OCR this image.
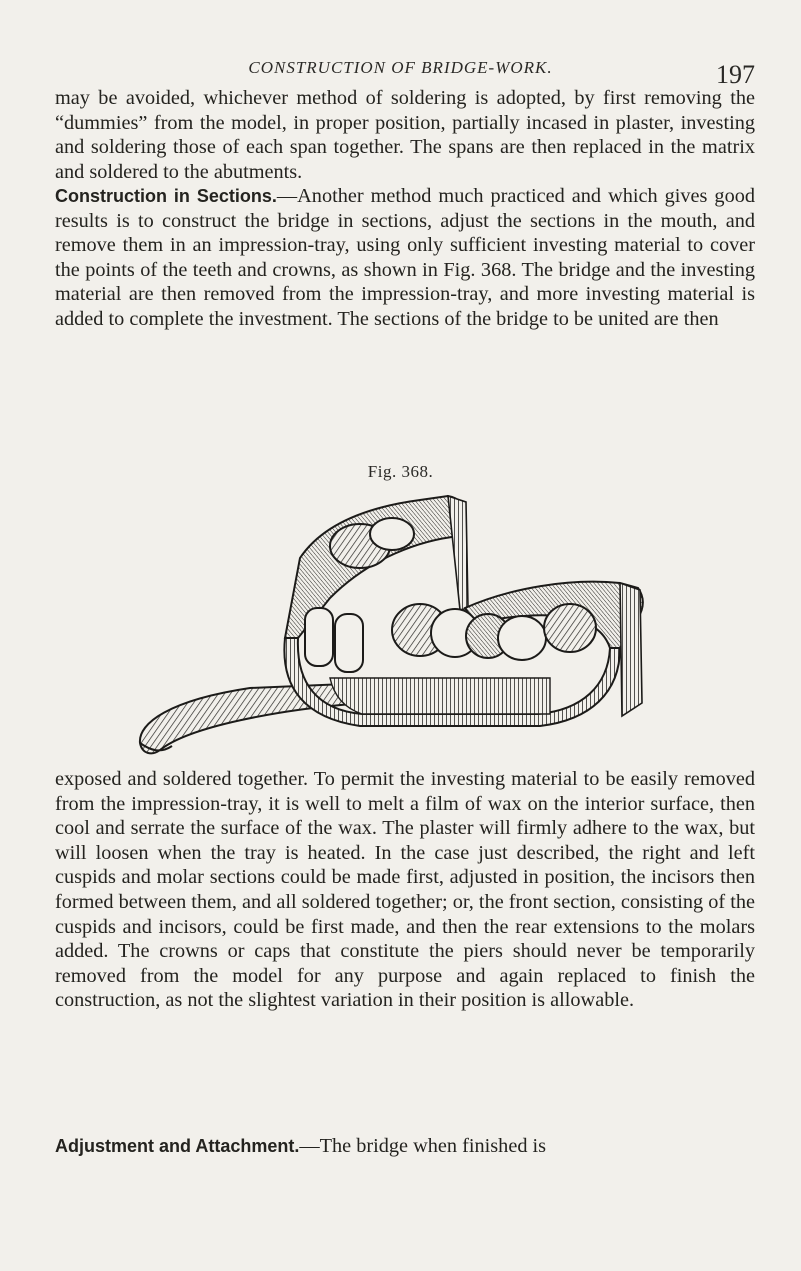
CONSTRUCTION OF BRIDGE-WORK.	197
may be avoided, whichever method of soldering is adopted, by first removing the “dummies” from the model, in proper position, partially incased in plaster, investing and soldering those of each span together. The spans are then replaced in the matrix and soldered to the abutments.
Construction in Sections.—Another method much practiced and which gives good results is to construct the bridge in sections, adjust the sections in the mouth, and remove them in an impression-tray, using only sufficient investing material to cover the points of the teeth and crowns, as shown in Fig. 368. The bridge and the investing material are then removed from the impression-tray, and more investing material is added to complete the investment. The sections of the bridge to be united are then
Fig. 368.
exposed and soldered together. To permit the investing material to be easily removed from the impression-tray, it is well to melt a film of wax on the interior surface, then cool and serrate the surface of the wax. The plaster will firmly adhere to the wax, but will loosen when the tray is heated. In the case just described, the right and left cuspids and molar sections could be made first, adjusted in position, the incisors then formed between them, and all soldered together; or, the front section, consisting of the cuspids and incisors, could be first made, and then the rear extensions to the molars added. The crowns or caps that constitute the piers should never be temporarily removed from the model for any purpose and again replaced to finish the construction, as not the slightest variation in their position is allowable.
Adjustment and Attachment.—The bridge when finished is
